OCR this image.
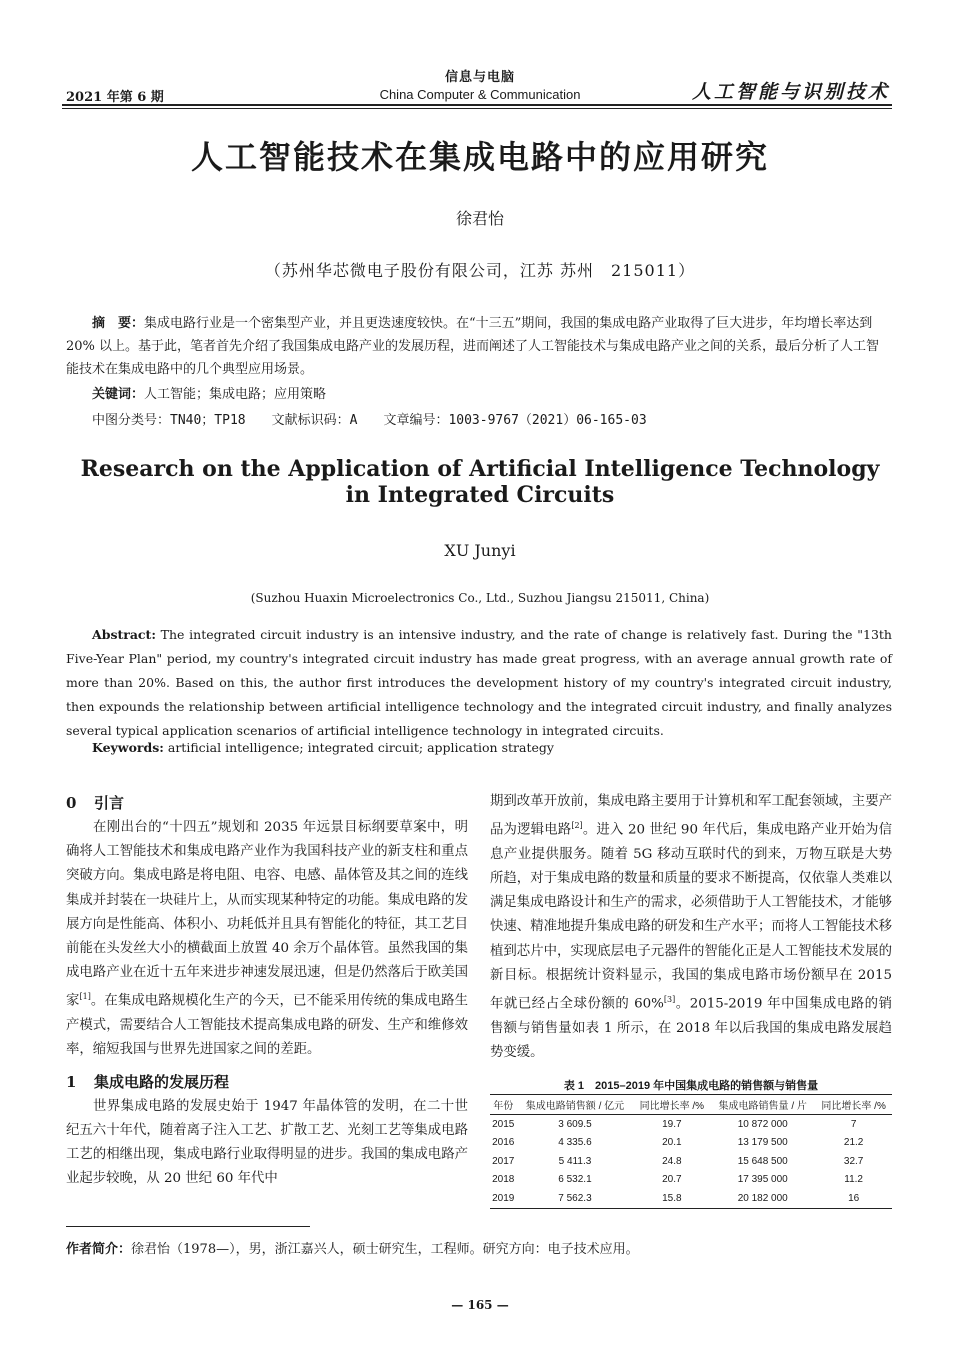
2021 年第 6 期
信息与电脑
China Computer & Communication	人工智能与识别技术
人工智能技术在集成电路中的应用研究
徐君怡
（苏州华芯微电子股份有限公司，江苏 苏州　215011）
摘　要：集成电路行业是一个密集型产业，并且更迭速度较快。在“十三五”期间，我国的集成电路产业取得了巨大进步，年均增长率达到 20% 以上。基于此，笔者首先介绍了我国集成电路产业的发展历程，进而阐述了人工智能技术与集成电路产业之间的关系，最后分析了人工智能技术在集成电路中的几个典型应用场景。
关键词：人工智能；集成电路；应用策略
中图分类号：TN40；TP18 文献标识码：A 文章编号：1003-9767（2021）06-165-03
Research on the Application of Artificial Intelligence Technology in Integrated Circuits
XU Junyi
(Suzhou Huaxin Microelectronics Co., Ltd., Suzhou Jiangsu 215011, China)
Abstract: The integrated circuit industry is an intensive industry, and the rate of change is relatively fast. During the "13th Five-Year Plan" period, my country's integrated circuit industry has made great progress, with an average annual growth rate of more than 20%. Based on this, the author first introduces the development history of my country's integrated circuit industry, then expounds the relationship between artificial intelligence technology and the integrated circuit industry, and finally analyzes several typical application scenarios of artificial intelligence technology in integrated circuits.
Keywords: artificial intelligence; integrated circuit; application strategy
0 引言

在刚出台的“十四五”规划和 2035 年远景目标纲要草案中，明确将人工智能技术和集成电路产业作为我国科技产业的新支柱和重点突破方向。集成电路是将电阻、电容、电感、晶体管及其之间的连线集成并封装在一块硅片上，从而实现某种特定的功能。集成电路的发展方向是性能高、体积小、功耗低并且具有智能化的特征，其工艺目前能在头发丝大小的横截面上放置 40 余万个晶体管。虽然我国的集成电路产业在近十五年来进步神速发展迅速，但是仍然落后于欧美国家[1]。在集成电路规模化生产的今天，已不能采用传统的集成电路生产模式，需要结合人工智能技术提高集成电路的研发、生产和维修效率，缩短我国与世界先进国家之间的差距。

1 集成电路的发展历程

世界集成电路的发展史始于 1947 年晶体管的发明，在二十世纪五六十年代，随着离子注入工艺、扩散工艺、光刻工艺等集成电路工艺的相继出现，集成电路行业取得明显的进步。我国的集成电路产业起步较晚，从 20 世纪 60 年代中

期到改革开放前，集成电路主要用于计算机和军工配套领域，主要产品为逻辑电路[2]。进入 20 世纪 90 年代后，集成电路产业开始为信息产业提供服务。随着 5G 移动互联时代的到来，万物互联是大势所趋，对于集成电路的数量和质量的要求不断提高，仅依靠人类难以满足集成电路设计和生产的需求，必须借助于人工智能技术，才能够快速、精准地提升集成电路的研发和生产水平；而将人工智能技术移植到芯片中，实现底层电子元器件的智能化正是人工智能技术发展的新目标。根据统计资料显示，我国的集成电路市场份额早在 2015 年就已经占全球份额的 60%[3]。2015-2019 年中国集成电路的销售额与销售量如表 1 所示，在 2018 年以后我国的集成电路发展趋势变缓。

表 1　2015–2019 年中国集成电路的销售额与销售量
年份	集成电路销售额 / 亿元	同比增长率 /%	集成电路销售量 / 片	同比增长率 /%
2015	3 609.5	19.7	10 872 000	7
2016	4 335.6	20.1	13 179 500	21.2
2017	5 411.3	24.8	15 648 500	32.7
2018	6 532.1	20.7	17 395 000	11.2
2019	7 562.3	15.8	20 182 000	16
作者简介：徐君怡（1978—），男，浙江嘉兴人，硕士研究生，工程师。研究方向：电子技术应用。
— 165 —
